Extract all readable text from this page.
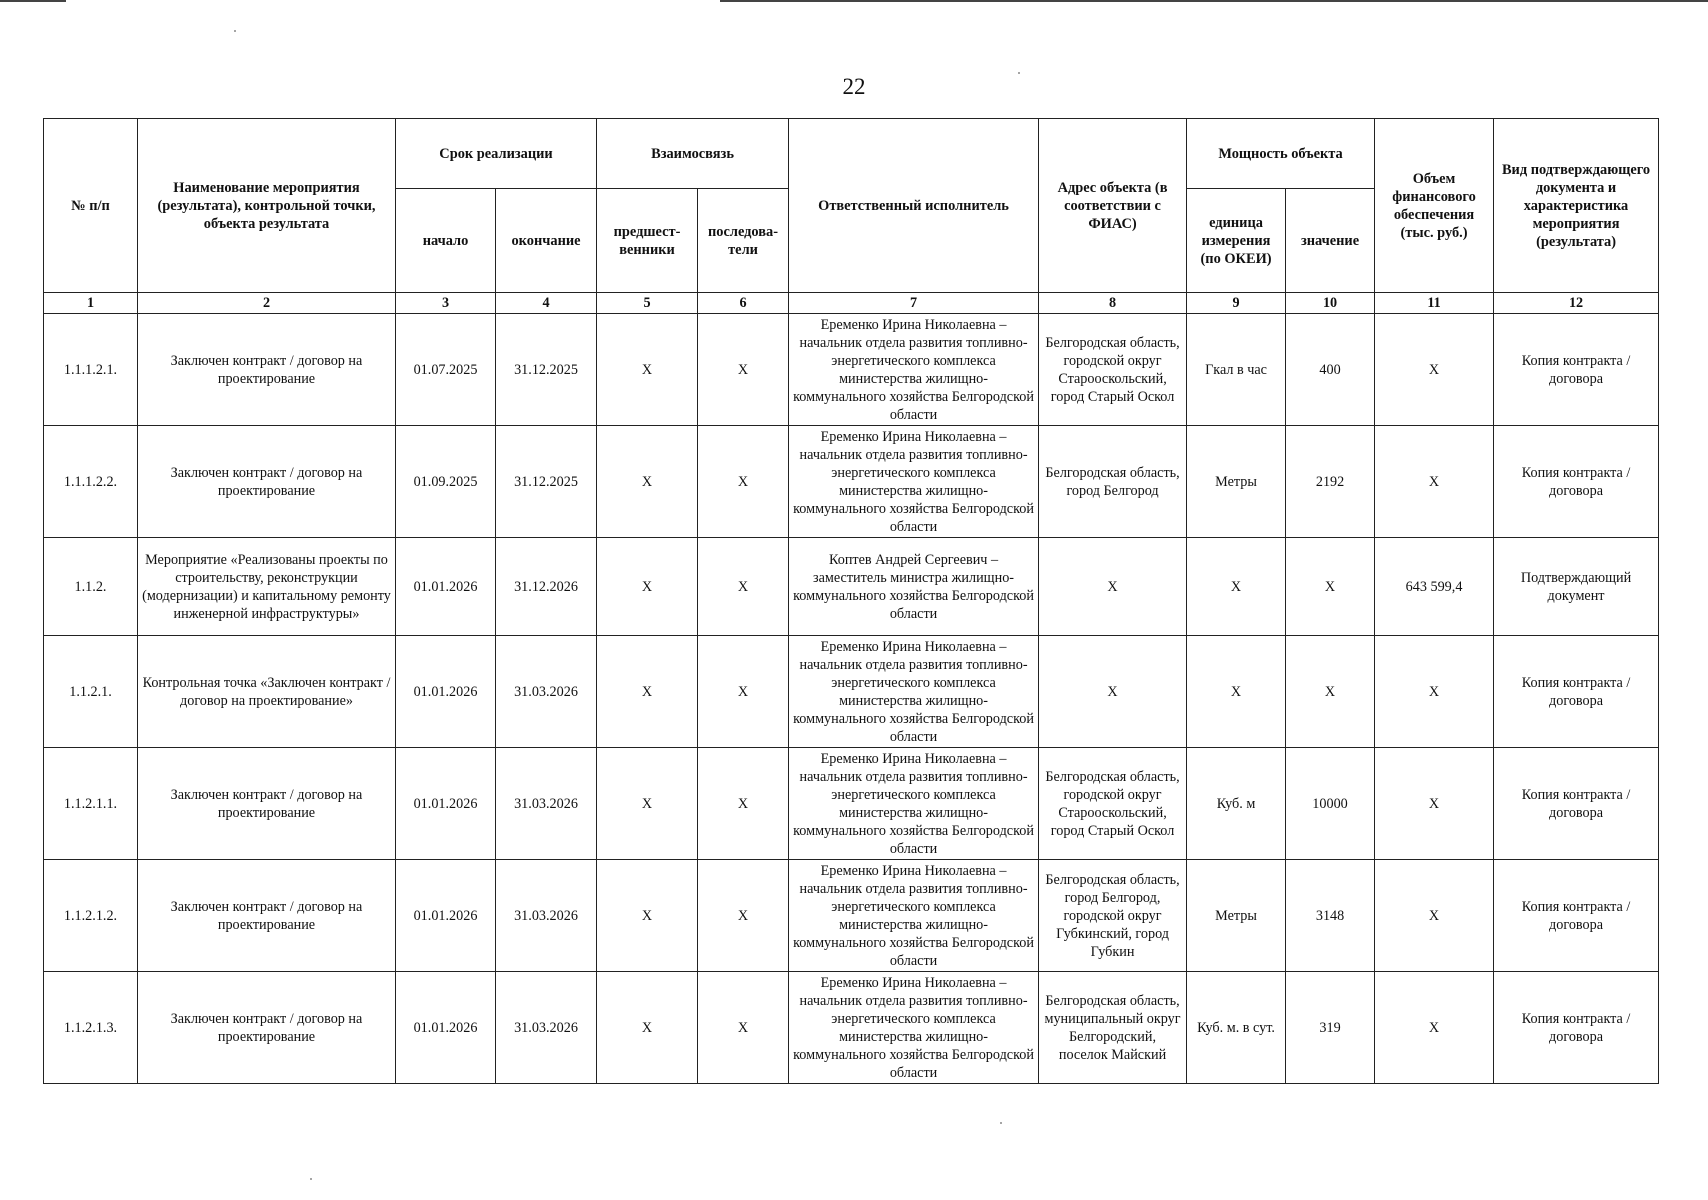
22
№ п/п	Наименование мероприятия (результата), контрольной точки, объекта результата	Срок реализации		Взаимосвязь		Ответственный исполнитель	Адрес объекта (в соответствии с ФИАС)	Мощность объекта		Объем финансового обеспечения (тыс. руб.)	Вид подтверждающего документа и характеристика мероприятия (результата)
		начало	окончание	предшест-венники	последова-тели			единица измерения (по ОКЕИ)	значение		
1	2	3	4	5	6	7	8	9	10	11	12
1.1.1.2.1.	Заключен контракт / договор на проектирование	01.07.2025	31.12.2025	X	X	Еременко Ирина Николаевна – начальник отдела развития топливно-энергетического комплекса министерства жилищно-коммунального хозяйства Белгородской области	Белгородская область, городской округ Старооскольский, город Старый Оскол	Гкал в час	400	X	Копия контракта / договора
1.1.1.2.2.	Заключен контракт / договор на проектирование	01.09.2025	31.12.2025	X	X	Еременко Ирина Николаевна – начальник отдела развития топливно-энергетического комплекса министерства жилищно-коммунального хозяйства Белгородской области	Белгородская область, город Белгород	Метры	2192	X	Копия контракта / договора
1.1.2.	Мероприятие «Реализованы проекты по строительству, реконструкции (модернизации) и капитальному ремонту инженерной инфраструктуры»	01.01.2026	31.12.2026	X	X	Коптев Андрей Сергеевич – заместитель министра жилищно-коммунального хозяйства Белгородской области	X	X	X	643 599,4	Подтверждающий документ
1.1.2.1.	Контрольная точка «Заключен контракт / договор на проектирование»	01.01.2026	31.03.2026	X	X	Еременко Ирина Николаевна – начальник отдела развития топливно-энергетического комплекса министерства жилищно-коммунального хозяйства Белгородской области	X	X	X	X	Копия контракта / договора
1.1.2.1.1.	Заключен контракт / договор на проектирование	01.01.2026	31.03.2026	X	X	Еременко Ирина Николаевна – начальник отдела развития топливно-энергетического комплекса министерства жилищно-коммунального хозяйства Белгородской области	Белгородская область, городской округ Старооскольский, город Старый Оскол	Куб. м	10000	X	Копия контракта / договора
1.1.2.1.2.	Заключен контракт / договор на проектирование	01.01.2026	31.03.2026	X	X	Еременко Ирина Николаевна – начальник отдела развития топливно-энергетического комплекса министерства жилищно-коммунального хозяйства Белгородской области	Белгородская область, город Белгород, городской округ Губкинский, город Губкин	Метры	3148	X	Копия контракта / договора
1.1.2.1.3.	Заключен контракт / договор на проектирование	01.01.2026	31.03.2026	X	X	Еременко Ирина Николаевна – начальник отдела развития топливно-энергетического комплекса министерства жилищно-коммунального хозяйства Белгородской области	Белгородская область, муниципальный округ Белгородский, поселок Майский	Куб. м. в сут.	319	X	Копия контракта / договора
